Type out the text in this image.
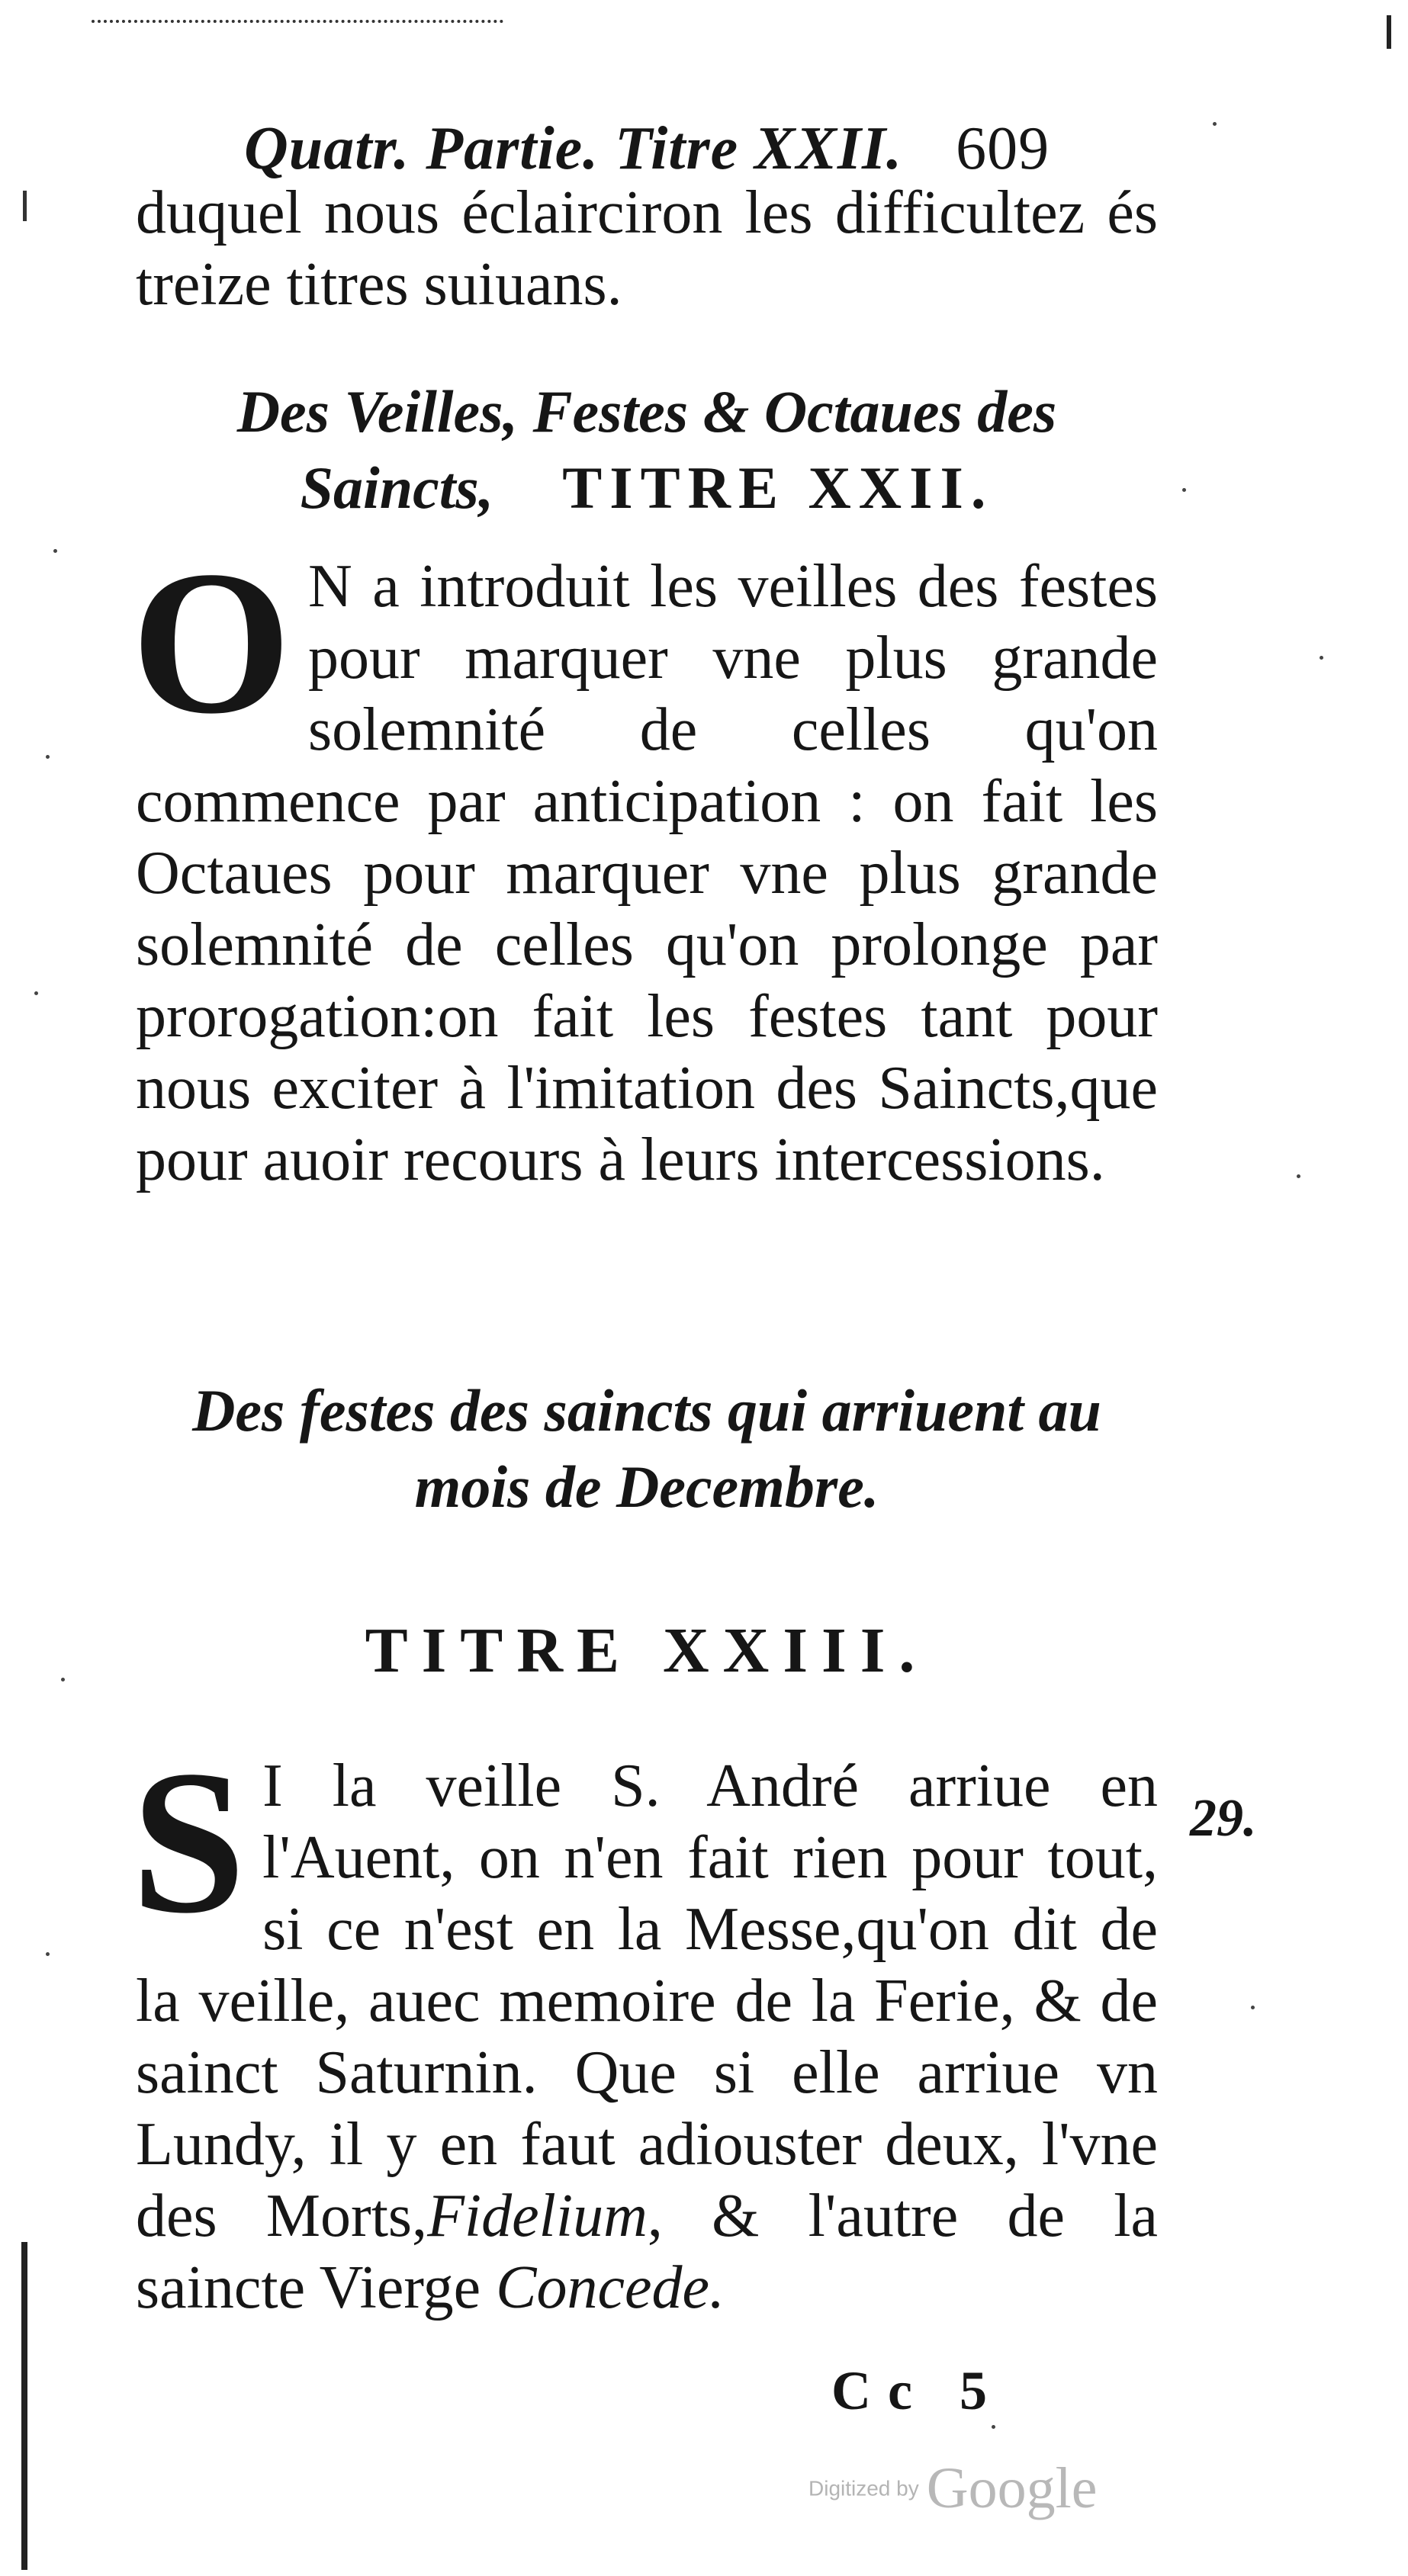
Quatr. Partie. Titre XXII. 609
duquel nous éclairciron les difficultez és treize titres suiuans.
Des Veilles, Festes & Octaues des Saincts, TITRE XXII.
O N a introduit les veilles des festes pour marquer vne plus grande solemnité de celles qu'on commence par anticipation : on fait les Octaues pour marquer vne plus grande solemnité de celles qu'on prolonge par prorogation:on fait les festes tant pour nous exciter à l'imitation des Saincts,que pour auoir recours à leurs intercessions.
Des festes des saincts qui arriuent au
mois de Decembre.
TITRE XXIII.
S I la veille S. André arriue en l'Auent, on n'en fait rien pour tout, si ce n'est en la Messe,qu'on dit de la veille, auec memoire de la Ferie, & de sainct Saturnin. Que si elle arriue vn Lundy, il y en faut adiouster deux, l'vne des Morts,Fidelium, & l'autre de la saincte Vierge Concede.
29.
Cc 5
Digitized by Google
